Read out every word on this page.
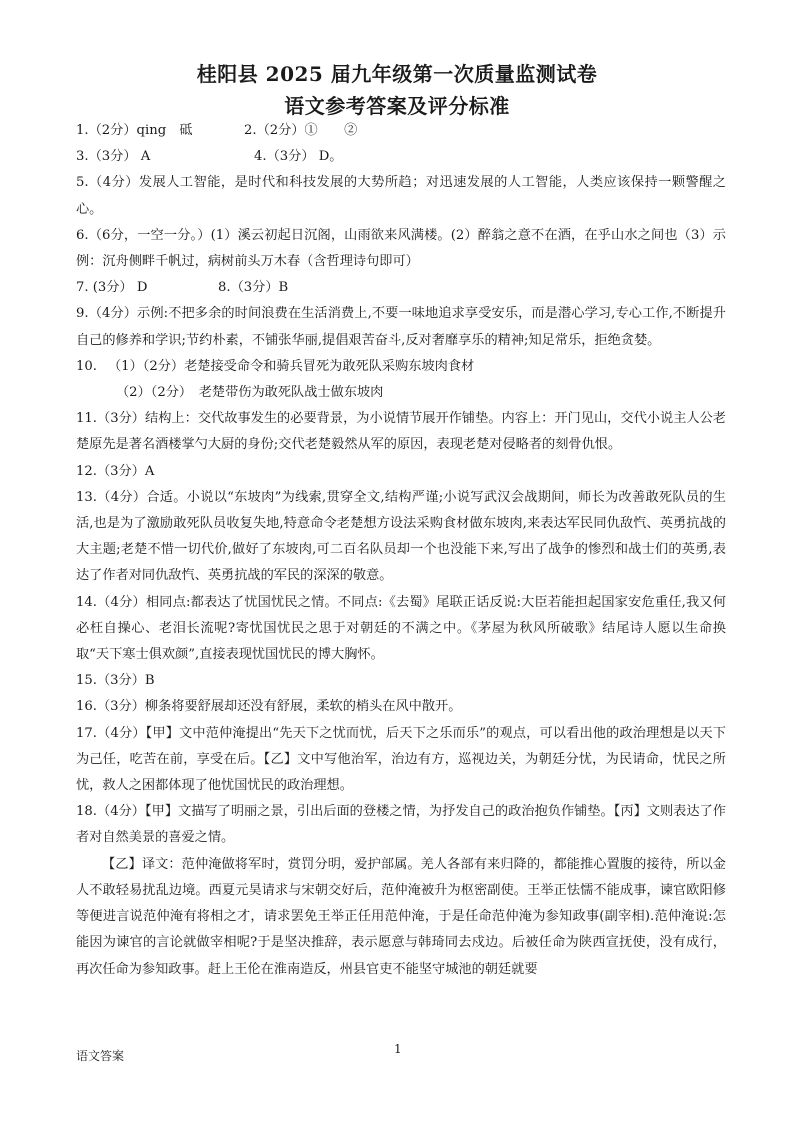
桂阳县 2025 届九年级第一次质量监测试卷
语文参考答案及评分标准
1.（2分）qing　砥	2.（2分）①　　②
3.（3分） A	4.（3分） D。

5.（4分）发展人工智能，是时代和科技发展的大势所趋；对迅速发展的人工智能，人类应该保持一颗警醒之心。

6.（6分，一空一分。）(1）溪云初起日沉阁，山雨欲来风满楼。(2）醉翁之意不在酒，在乎山水之间也（3）示例：沉舟侧畔千帆过，病树前头万木春（含哲理诗句即可）

7. (3分） D	8.（3分）B

9.（4分）示例:不把多余的时间浪费在生活消费上,不要一味地追求享受安乐，而是潜心学习,专心工作,不断提升自己的修养和学识;节约朴素，不铺张华丽,提倡艰苦奋斗,反对奢靡享乐的精神;知足常乐，拒绝贪婪。

10. （1）（2分）老楚接受命令和骑兵冒死为敢死队采购东坡肉食材
（2）（2分）　老楚带伤为敢死队战士做东坡肉

11.（3分）结构上：交代故事发生的必要背景，为小说情节展开作铺垫。内容上：开门见山，交代小说主人公老楚原先是著名酒楼掌勺大厨的身份;交代老楚毅然从军的原因，表现老楚对侵略者的刻骨仇恨。

12.（3分）A

13.（4分）合适。小说以“东坡肉”为线索,贯穿全文,结构严谨;小说写武汉会战期间，师长为改善敢死队员的生活,也是为了激励敢死队员收复失地,特意命令老楚想方设法采购食材做东坡肉,来表达军民同仇敌忾、英勇抗战的大主题;老楚不惜一切代价,做好了东坡肉,可二百名队员却一个也没能下来,写出了战争的惨烈和战士们的英勇,表达了作者对同仇敌忾、英勇抗战的军民的深深的敬意。

14.（4分）相同点:都表达了忧国忧民之情。不同点:《去蜀》尾联正话反说:大臣若能担起国家安危重任,我又何必枉自操心、老泪长流呢?寄忧国忧民之思于对朝廷的不满之中。《茅屋为秋风所破歌》结尾诗人愿以生命换取“天下寒士俱欢颜”,直接表现忧国忧民的博大胸怀。

15.（3分）B

16.（3分）柳条将要舒展却还没有舒展，柔软的梢头在风中散开。

17.（4分）【甲】文中范仲淹提出“先天下之忧而忧，后天下之乐而乐”的观点，可以看出他的政治理想是以天下为己任，吃苦在前，享受在后。【乙】文中写他治军，治边有方，巡视边关，为朝廷分忧，为民请命，忧民之所忧，救人之困都体现了他忧国忧民的政治理想。

18.（4分）【甲】文描写了明丽之景，引出后面的登楼之情，为抒发自己的政治抱负作铺垫。【丙】文则表达了作者对自然美景的喜爱之情。

【乙】译文：范仲淹做将军时，赏罚分明，爱护部属。羌人各部有来归降的，都能推心置腹的接待，所以金人不敢轻易扰乱边境。西夏元昊请求与宋朝交好后，范仲淹被升为枢密副使。王举正怯懦不能成事，谏官欧阳修等便进言说范仲淹有将相之才，请求罢免王举正任用范仲淹，于是任命范仲淹为参知政事(副宰相).范仲淹说:怎能因为谏官的言论就做宰相呢?于是坚决推辞，表示愿意与韩琦同去戍边。后被任命为陕西宣抚使，没有成行，再次任命为参知政事。赶上王伦在淮南造反，州县官吏不能坚守城池的朝廷就要

语文答案	1
